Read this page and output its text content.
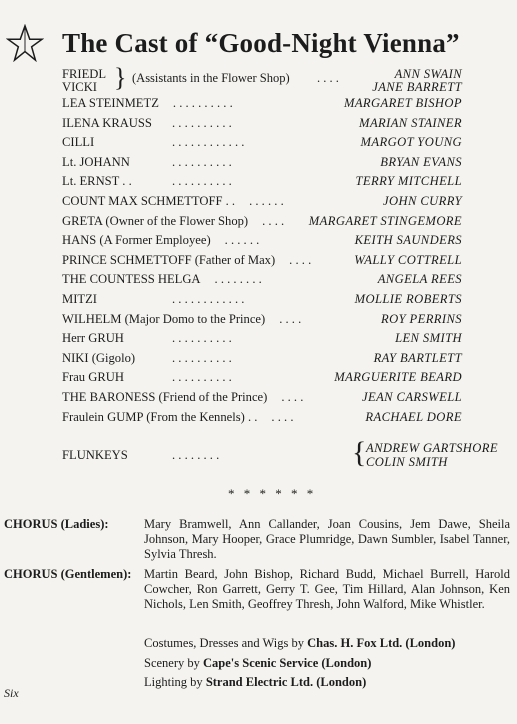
The Cast of “Good-Night Vienna”
FRIEDL
VICKI } (Assistants in the Flower Shop) . . . .	ANN SWAIN
JANE BARRETT
LEA STEINMETZ . . . . . . . . . .	MARGARET BISHOP
ILENA KRAUSS . . . . . . . . . .	MARIAN STAINER
CILLI	. . . . . . . . . . . .	MARGOT YOUNG
Lt. JOHANN	. . . . . . . . . .	BRYAN EVANS
Lt. ERNST . .	. . . . . . . . . .	TERRY MITCHELL
COUNT MAX SCHMETTOFF . . . . . . . .	JOHN CURRY
GRETA (Owner of the Flower Shop) . . . . MARGARET STINGEMORE
HANS (A Former Employee) . . . . . .	KEITH SAUNDERS
PRINCE SCHMETTOFF (Father of Max) . . . .	WALLY COTTRELL
THE COUNTESS HELGA . . . . . . . .	ANGELA REES
MITZI	. . . . . . . . . . . .	MOLLIE ROBERTS
WILHELM (Major Domo to the Prince) . . . .	ROY PERRINS
Herr GRUH	. . . . . . . . . .	LEN SMITH
NIKI (Gigolo)	. . . . . . . . . .	RAY BARTLETT
Frau GRUH	. . . . . . . . . .	MARGUERITE BEARD
THE BARONESS (Friend of the Prince) . . . .	JEAN CARSWELL
Fraulein GUMP (From the Kennels) . . . . . .	RACHAEL DORE
FLUNKEYS	. . . . . . . .	{ ANDREW GARTSHORE
COLIN SMITH
* * * * * *
CHORUS (Ladies):	Mary Bramwell, Ann Callander, Joan Cousins, Jem Dawe, Sheila Johnson, Mary Hooper, Grace Plumridge, Dawn Sumbler, Isabel Tanner, Sylvia Thresh.
CHORUS (Gentlemen): Martin Beard, John Bishop, Richard Budd, Michael Burrell, Harold Cowcher, Ron Garrett, Gerry T. Gee, Tim Hillard, Alan Johnson, Ken Nichols, Len Smith, Geoffrey Thresh, John Walford, Mike Whistler.
Costumes, Dresses and Wigs by Chas. H. Fox Ltd. (London)
Scenery by Cape's Scenic Service (London)
Lighting by Strand Electric Ltd. (London)
Six
